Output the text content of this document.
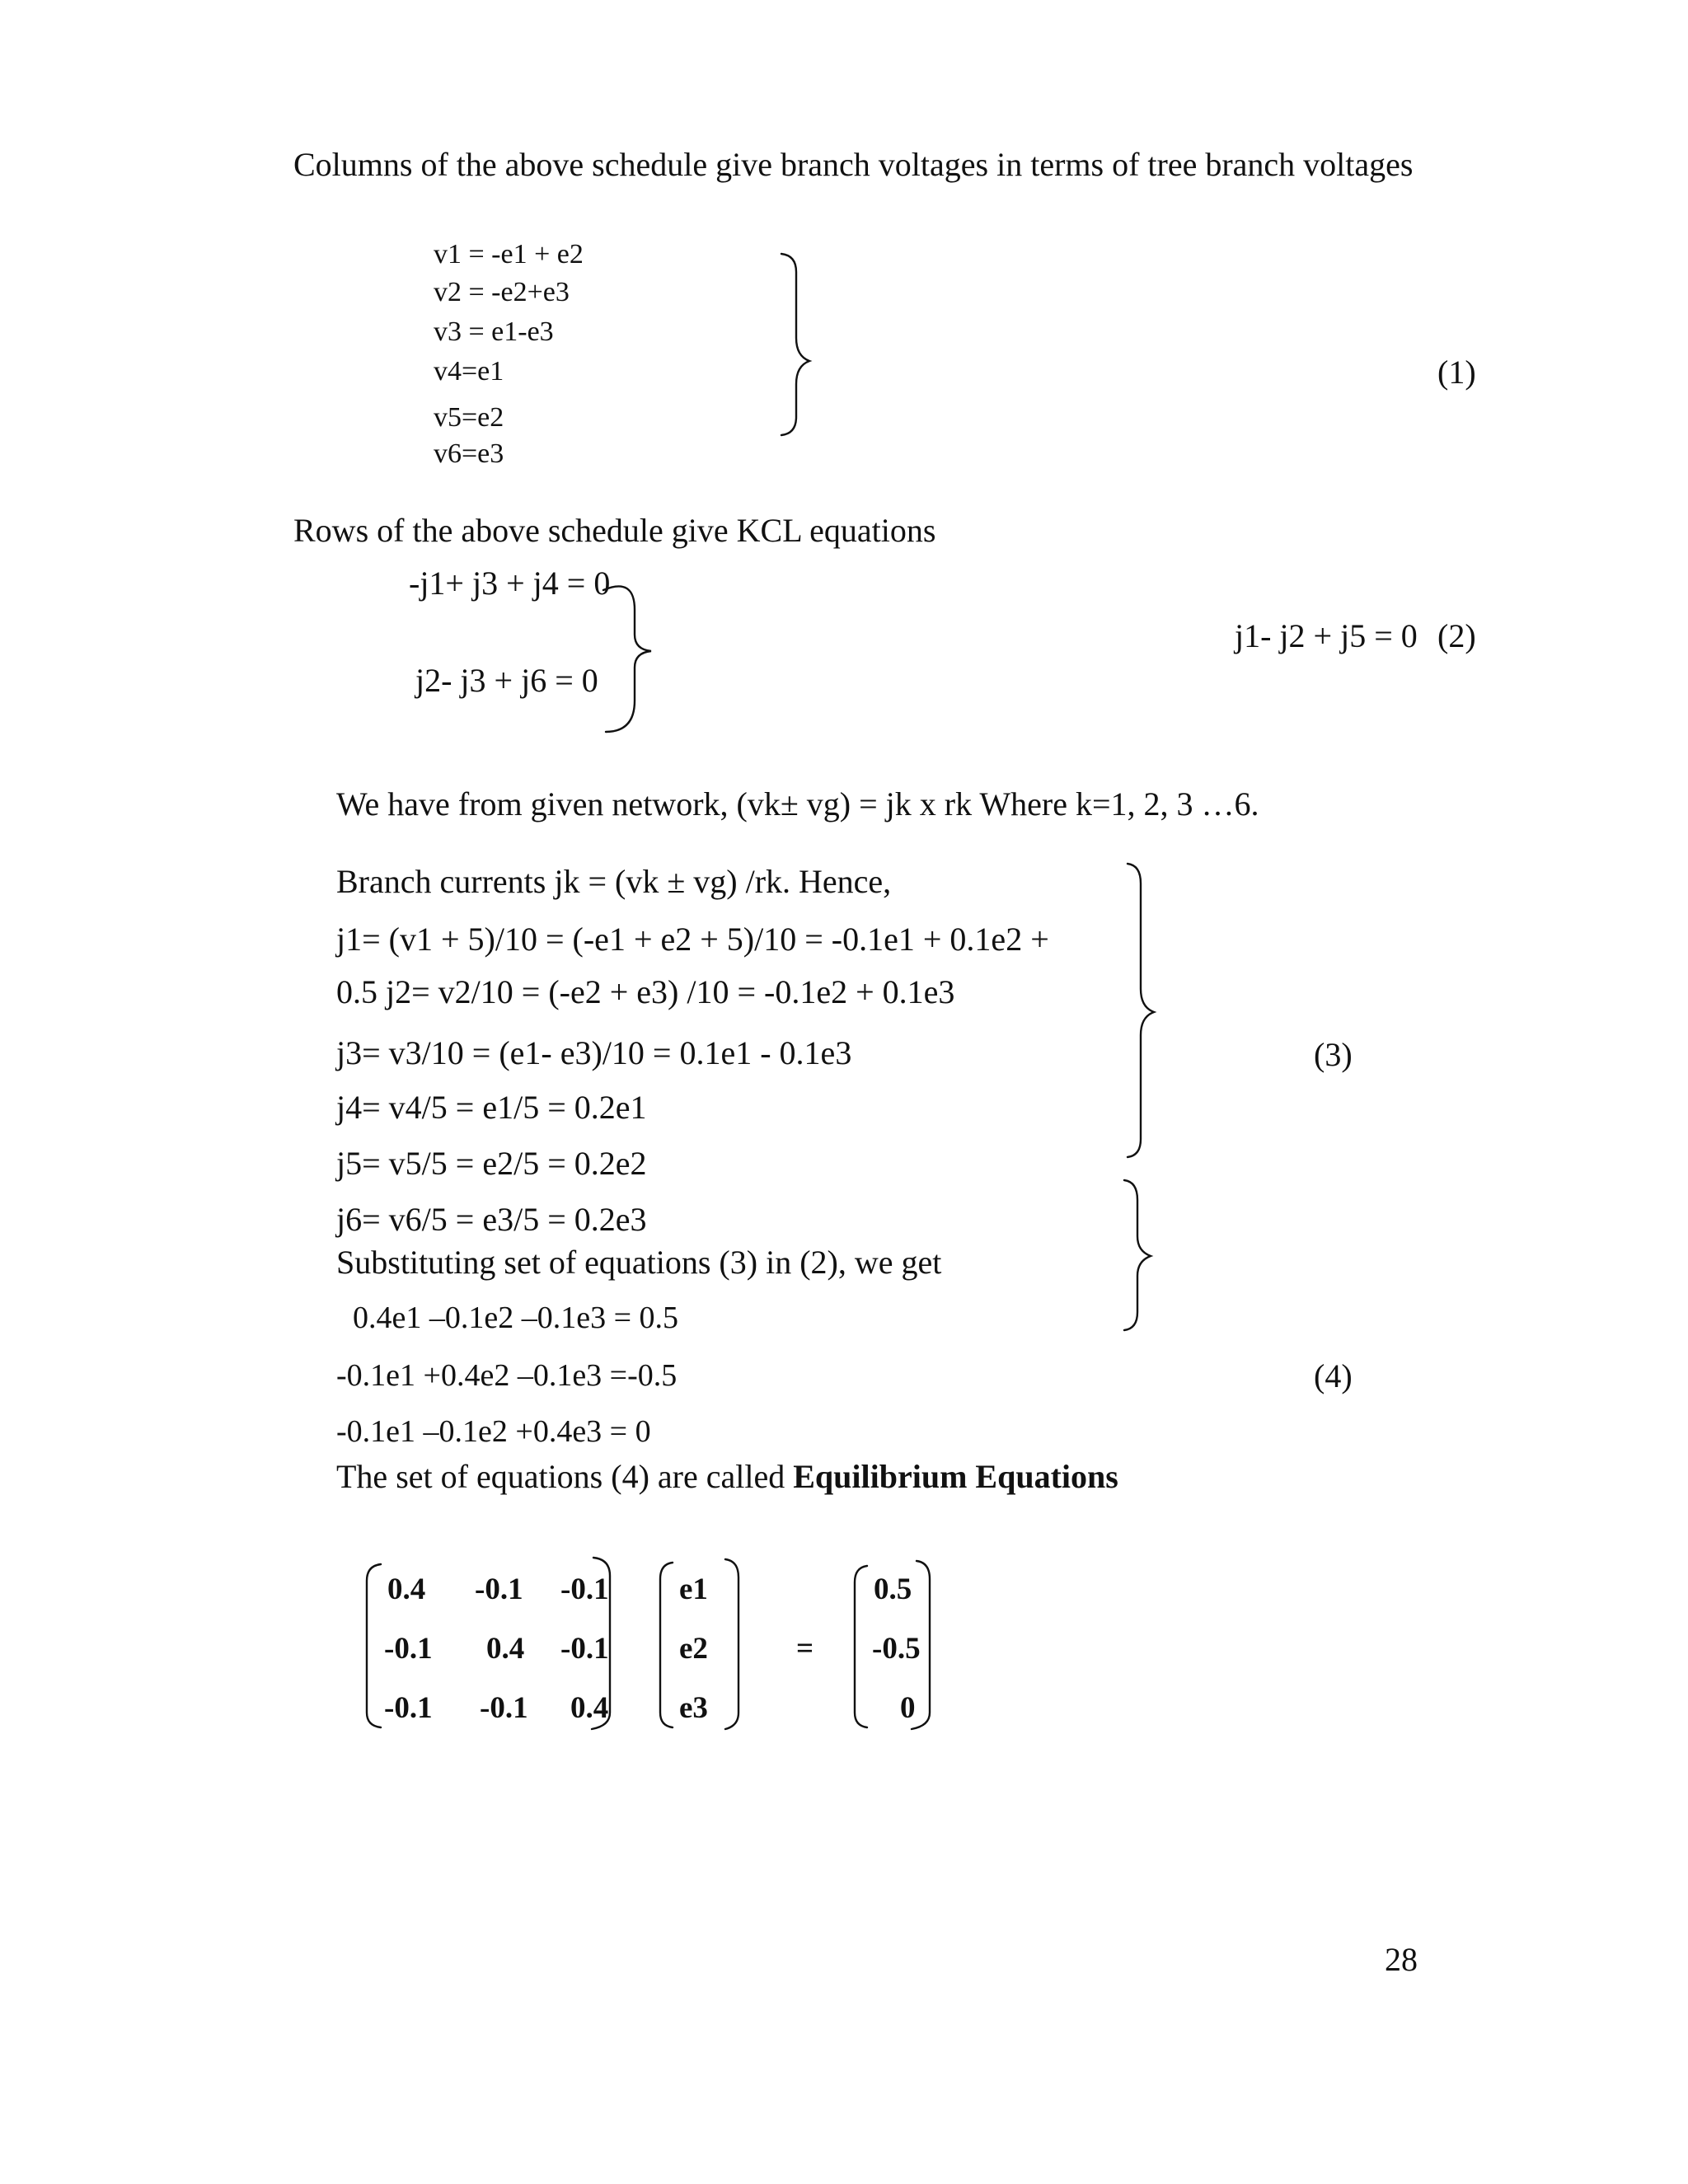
Columns of the above schedule give branch voltages in terms of tree branch voltages
v1 = -e1 + e2
v2 = -e2+e3
v3 = e1-e3
v4=e1
v5=e2
v6=e3
(1)
Rows of the above schedule give KCL equations
-j1+ j3 + j4 = 0
j2- j3 + j6 = 0
j1- j2 + j5 = 0 (2)
We have from given network, (vk± vg) = jk x rk Where k=1, 2, 3 …6.
Branch currents jk = (vk ± vg) /rk. Hence,
j1= (v1 + 5)/10 = (-e1 + e2 + 5)/10 = -0.1e1 + 0.1e2 +
0.5 j2= v2/10 = (-e2 + e3) /10 = -0.1e2 + 0.1e3
j3= v3/10 = (e1- e3)/10 = 0.1e1 - 0.1e3
j4= v4/5 = e1/5 = 0.2e1
j5= v5/5 = e2/5 = 0.2e2
j6= v6/5 = e3/5 = 0.2e3
(3)
Substituting set of equations (3) in (2), we get
0.4e1 –0.1e2 –0.1e3 = 0.5
-0.1e1 +0.4e2 –0.1e3 =-0.5
-0.1e1 –0.1e2 +0.4e3 = 0
(4)
The set of equations (4) are called Equilibrium Equations
0.4 -0.1 -0.1
-0.1 0.4 -0.1
-0.1 -0.1 0.4
e1
e2
e3
=
0.5
-0.5
0
28
